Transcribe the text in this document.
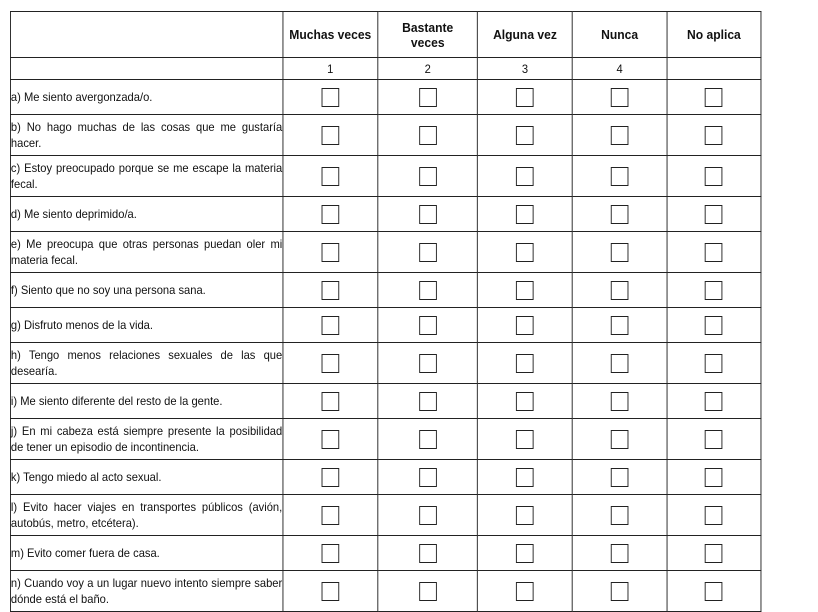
	Muchas veces	Bastante veces	Alguna vez	Nunca	No aplica
	1	2	3	4	
a) Me siento avergonzada/o.					
b) No hago muchas de las cosas que me gustaría hacer.					
c) Estoy preocupado porque se me escape la materia fecal.					
d) Me siento deprimido/a.					
e) Me preocupa que otras personas puedan oler mi materia fecal.					
f) Siento que no soy una persona sana.					
g) Disfruto menos de la vida.					
h) Tengo menos relaciones sexuales de las que desearía.					
i) Me siento diferente del resto de la gente.					
j) En mi cabeza está siempre presente la posibilidad de tener un episodio de incontinencia.					
k) Tengo miedo al acto sexual.					
l) Evito hacer viajes en transportes públicos (avión, autobús, metro, etcétera).					
m) Evito comer fuera de casa.					
n) Cuando voy a un lugar nuevo intento siempre saber dónde está el baño.					
